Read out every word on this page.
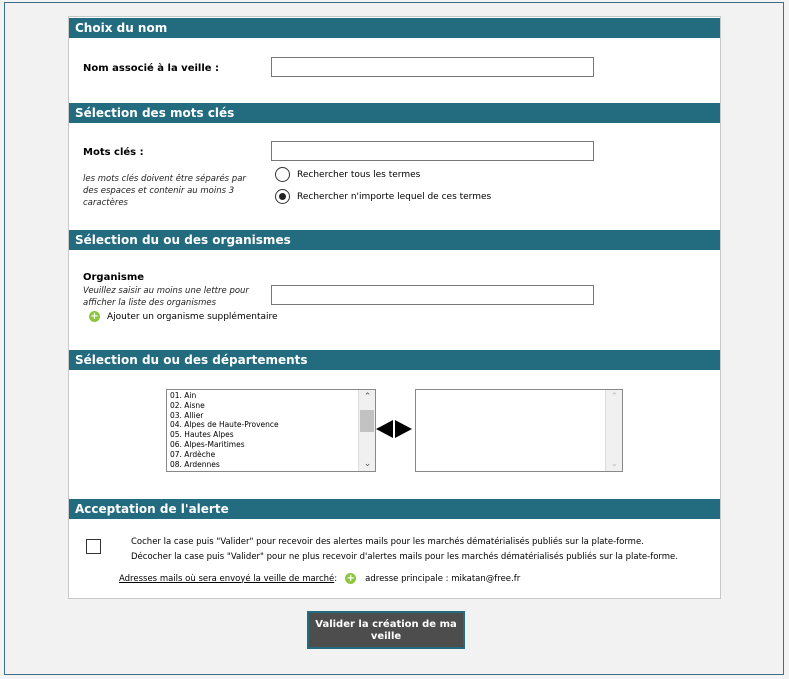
Choix du nom
Nom associé à la veille :
Sélection des mots clés
Mots clés :
les mots clés doivent être séparés par des espaces et contenir au moins 3 caractères
Rechercher tous les termes
Rechercher n'importe lequel de ces termes
Sélection du ou des organismes
Organisme
Veuillez saisir au moins une lettre pour afficher la liste des organismes
+ Ajouter un organisme supplémentaire
Sélection du ou des départements
01. Ain
02. Aisne
03. Allier
04. Alpes de Haute-Provence
05. Hautes Alpes
06. Alpes-Maritimes
07. Ardèche
08. Ardennes
⌃
⌄
⌃
⌄
Acceptation de l'alerte
Cocher la case puis "Valider" pour recevoir des alertes mails pour les marchés dématérialisés publiés sur la plate-forme.
Décocher la case puis "Valider" pour ne plus recevoir d'alertes mails pour les marchés dématérialisés publiés sur la plate-forme.
Adresses mails où sera envoyé la veille de marché : + adresse principale : mikatan@free.fr
Valider la création de ma veille
